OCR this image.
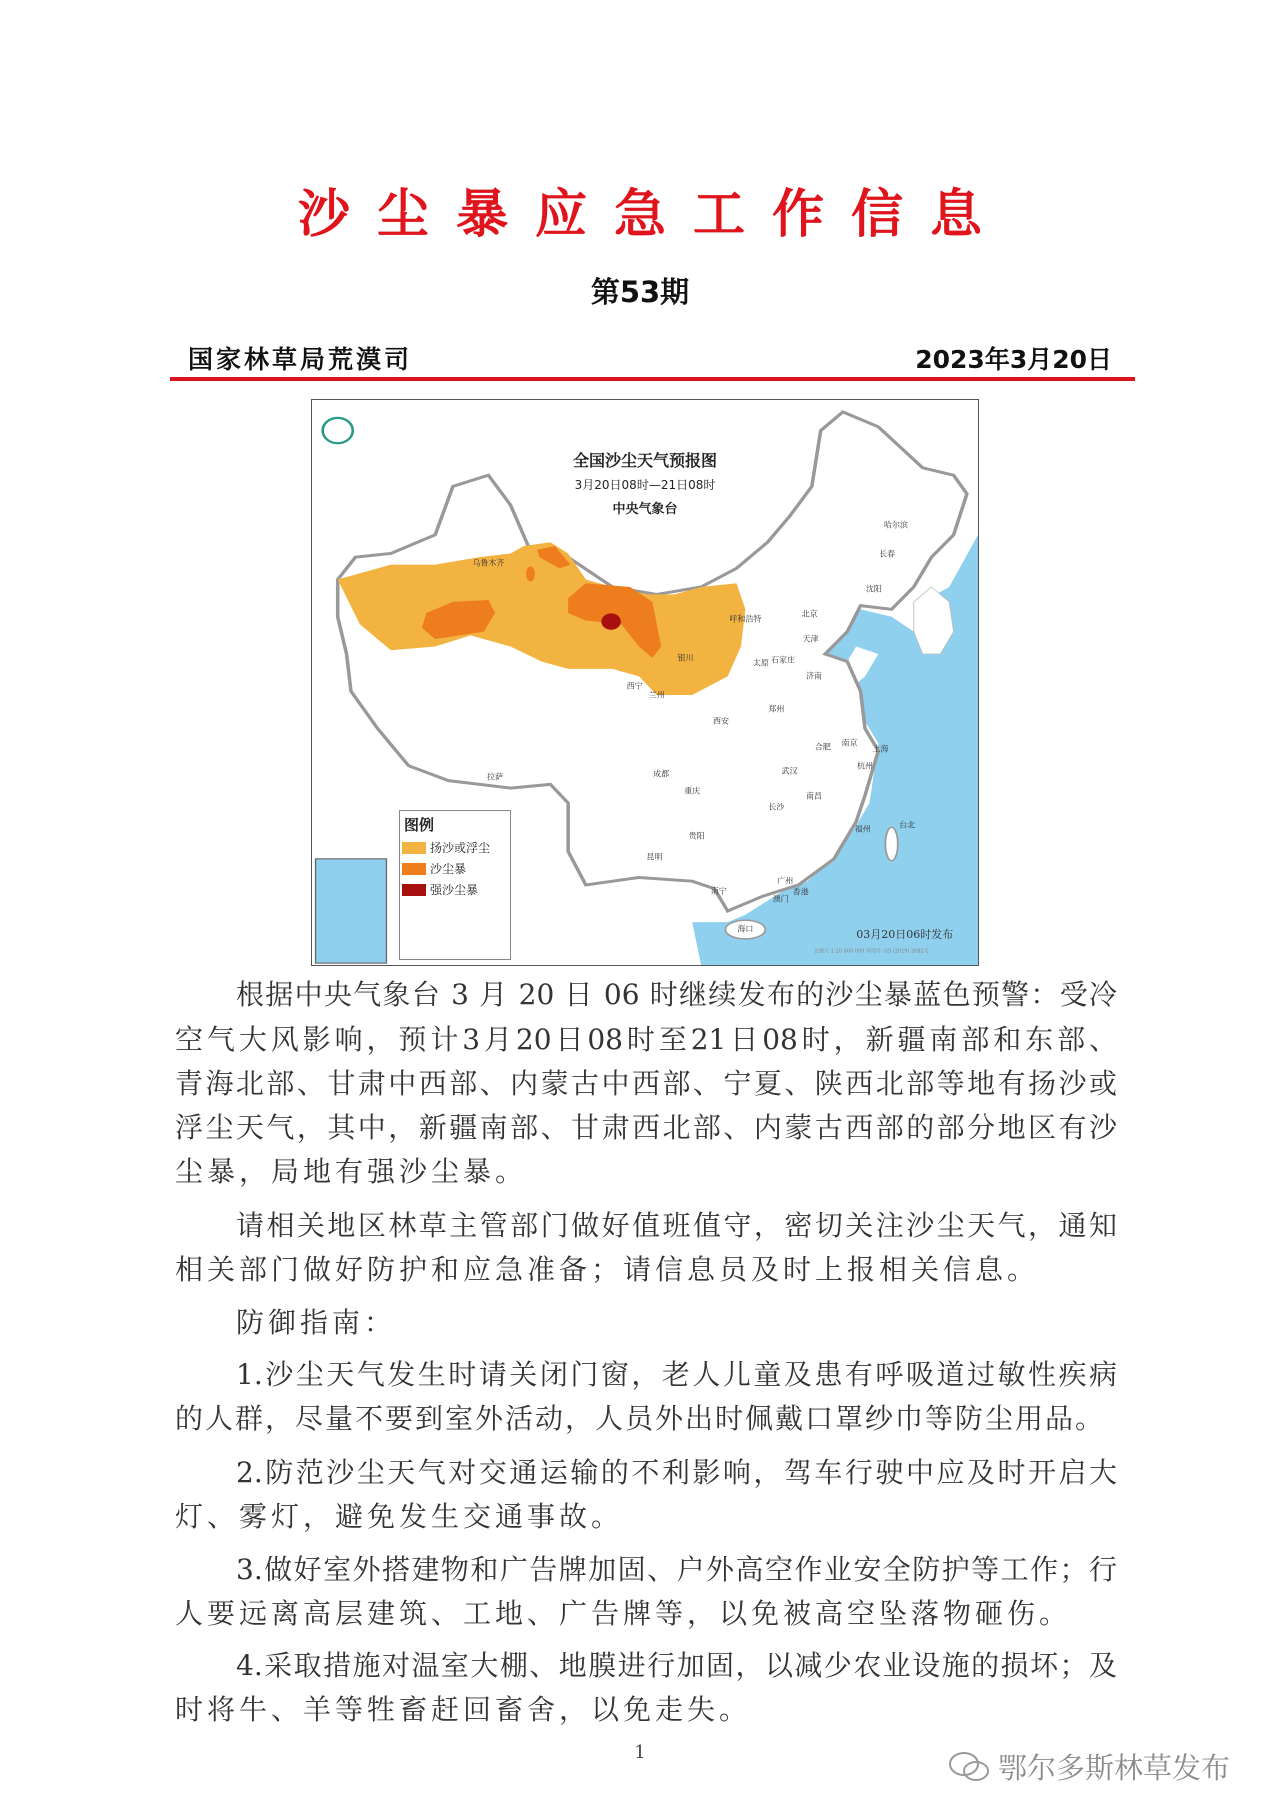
沙尘暴应急工作信息
第53期
国家林草局荒漠司	2023年3月20日
全国沙尘天气预报图
3月20日08时—21日08时
中央气象台
乌鲁木齐
哈尔滨
长春
沈阳
北京
呼和浩特
天津
太原 石家庄
银川
济南
西宁
兰州
郑州
西安
合肥 南京
上海
杭州
拉萨	成都	武汉
重庆
南昌
长沙
福州	台北
贵阳
昆明
南宁
广州
香港
澳门
海口	03月20日06时发布
比例尺 1:20 000 000 审图号: GS (2019) 3082号
图例
扬沙或浮尘
沙尘暴
强沙尘暴
根据中央气象台 3 月 20 日 06 时继续发布的沙尘暴蓝色预警：受冷
空气大风影响，预计3月20日08时至21日08时，新疆南部和东部、
青海北部、甘肃中西部、内蒙古中西部、宁夏、陕西北部等地有扬沙或
浮尘天气，其中，新疆南部、甘肃西北部、内蒙古西部的部分地区有沙
尘暴，局地有强沙尘暴。
请相关地区林草主管部门做好值班值守，密切关注沙尘天气，通知
相关部门做好防护和应急准备；请信息员及时上报相关信息。
防御指南：
1.沙尘天气发生时请关闭门窗，老人儿童及患有呼吸道过敏性疾病
的人群，尽量不要到室外活动，人员外出时佩戴口罩纱巾等防尘用品。
2.防范沙尘天气对交通运输的不利影响，驾车行驶中应及时开启大
灯、雾灯，避免发生交通事故。
3.做好室外搭建物和广告牌加固、户外高空作业安全防护等工作；行
人要远离高层建筑、工地、广告牌等，以免被高空坠落物砸伤。
4.采取措施对温室大棚、地膜进行加固，以减少农业设施的损坏；及
时将牛、羊等牲畜赶回畜舍，以免走失。
1	鄂尔多斯林草发布
